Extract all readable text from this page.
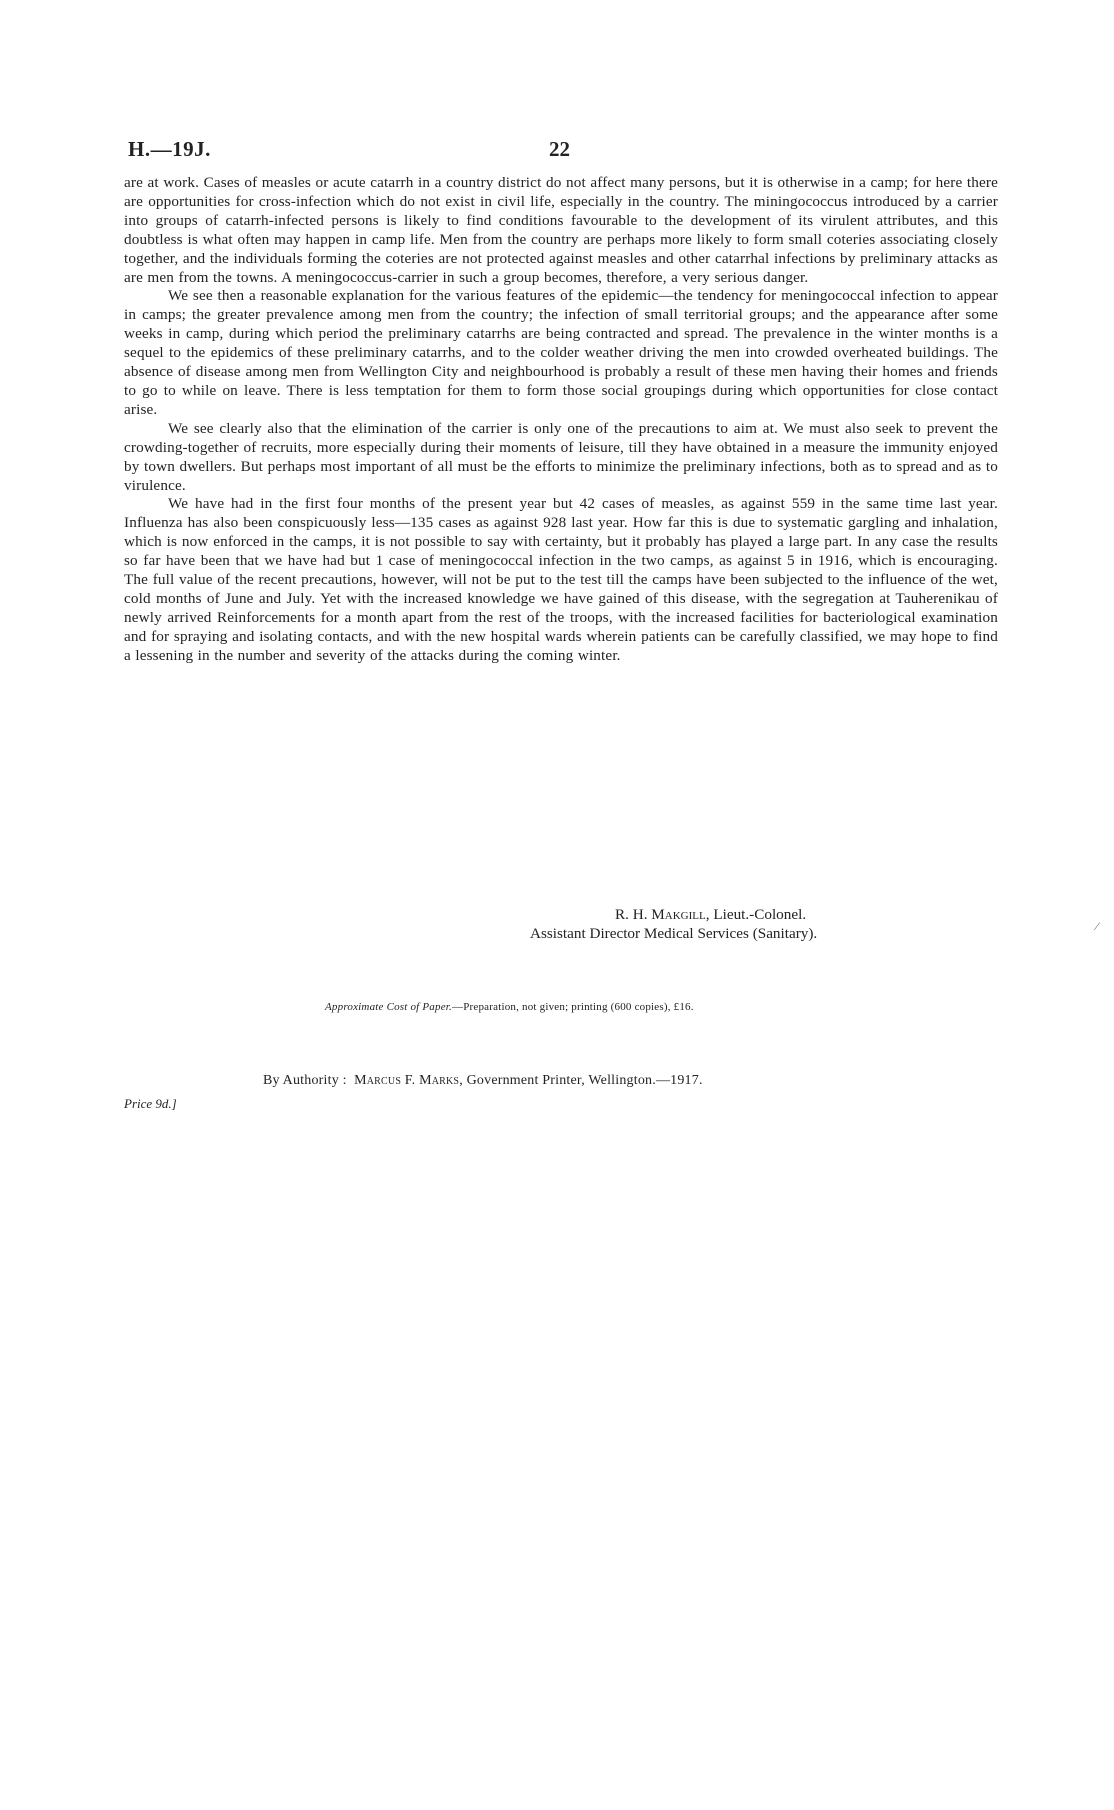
H.—19J.	22

are at work. Cases of measles or acute catarrh in a country district do not affect many persons, but it is otherwise in a camp; for here there are opportunities for cross-infection which do not exist in civil life, especially in the country. The miningococcus introduced by a carrier into groups of catarrh-infected persons is likely to find conditions favourable to the development of its virulent attributes, and this doubtless is what often may happen in camp life. Men from the country are perhaps more likely to form small coteries associating closely together, and the individuals forming the coteries are not protected against measles and other catarrhal infections by preliminary attacks as are men from the towns. A meningococcus-carrier in such a group becomes, therefore, a very serious danger.

We see then a reasonable explanation for the various features of the epidemic—the tendency for meningococcal infection to appear in camps; the greater prevalence among men from the country; the infection of small territorial groups; and the appearance after some weeks in camp, during which period the preliminary catarrhs are being contracted and spread. The prevalence in the winter months is a sequel to the epidemics of these preliminary catarrhs, and to the colder weather driving the men into crowded overheated buildings. The absence of disease among men from Wellington City and neighbourhood is probably a result of these men having their homes and friends to go to while on leave. There is less temptation for them to form those social groupings during which opportunities for close contact arise.

We see clearly also that the elimination of the carrier is only one of the precautions to aim at. We must also seek to prevent the crowding-together of recruits, more especially during their moments of leisure, till they have obtained in a measure the immunity enjoyed by town dwellers. But perhaps most important of all must be the efforts to minimize the preliminary infections, both as to spread and as to virulence.

We have had in the first four months of the present year but 42 cases of measles, as against 559 in the same time last year. Influenza has also been conspicuously less—135 cases as against 928 last year. How far this is due to systematic gargling and inhalation, which is now enforced in the camps, it is not possible to say with certainty, but it probably has played a large part. In any case the results so far have been that we have had but 1 case of meningococcal infection in the two camps, as against 5 in 1916, which is encouraging. The full value of the recent precautions, however, will not be put to the test till the camps have been subjected to the influence of the wet, cold months of June and July. Yet with the increased knowledge we have gained of this disease, with the segregation at Tauherenikau of newly arrived Reinforcements for a month apart from the rest of the troops, with the increased facilities for bacteriological examination and for spraying and isolating contacts, and with the new hospital wards wherein patients can be carefully classified, we may hope to find a lessening in the number and severity of the attacks during the coming winter.

R. H. Makgill, Lieut.-Colonel.
Assistant Director Medical Services (Sanitary).	⁄
Approximate Cost of Paper.—Preparation, not given; printing (600 copies), £16.
By Authority : Marcus F. Marks, Government Printer, Wellington.—1917.
Price 9d.]
